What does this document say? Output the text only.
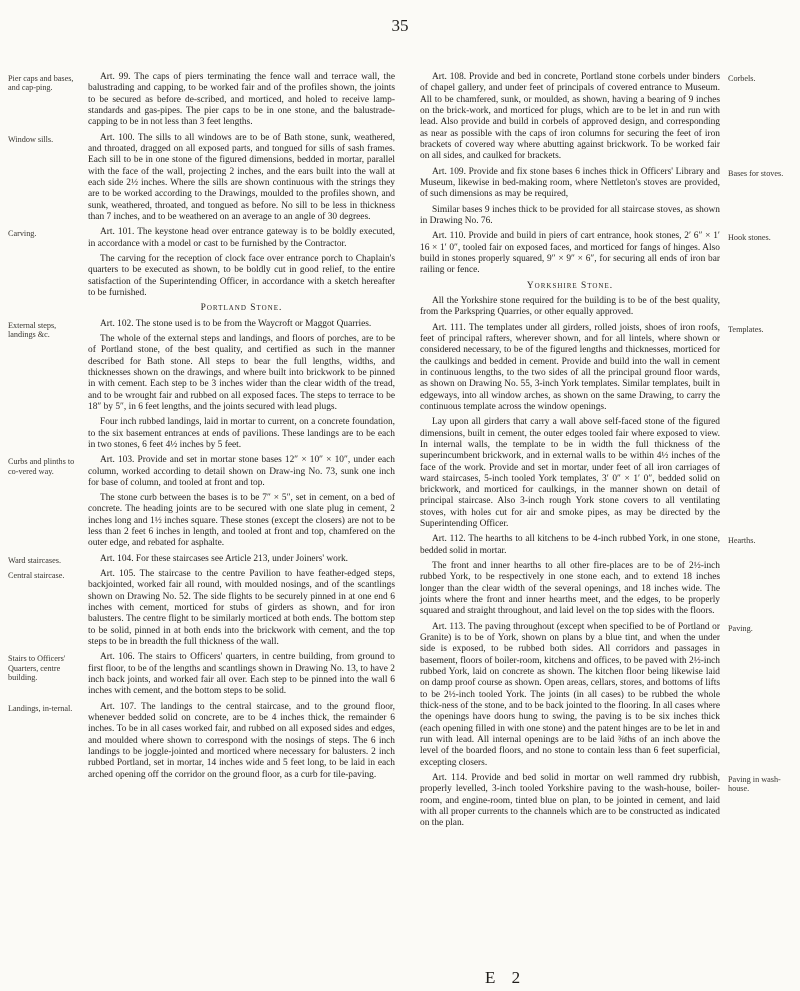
35
Pier caps and bases, and cap-ping.

Art. 99. The caps of piers terminating the fence wall and terrace wall, the balustrading and capping, to be worked fair and of the profiles shown, the joints to be secured as before de-scribed, and morticed, and holed to receive lamp-standards and gas-pipes. The pier caps to be in one stone, and the balustrade-capping to be in not less than 3 feet lengths.

Window sills.	Art. 100. The sills to all windows are to be of Bath stone, sunk, weathered, and throated, dragged on all exposed parts, and tongued for sills of sash frames. Each sill to be in one stone of the figured dimensions, bedded in mortar, parallel with the face of the wall, projecting 2 inches, and the ears built into the wall at each side 2½ inches. Where the sills are shown continuous with the strings they are to be worked according to the Drawings, moulded to the profiles shown, and sunk, weathered, throated, and tongued as before. No sill to be less in thickness than 7 inches, and to be weathered on an average to an angle of 30 degrees.

Carving.	Art. 101. The keystone head over entrance gateway is to be boldly executed, in accordance with a model or cast to be furnished by the Contractor.

The carving for the reception of clock face over entrance porch to Chaplain's quarters to be executed as shown, to be boldly cut in good relief, to the entire satisfaction of the Superintending Officer, in accordance with a sketch hereafter to be furnished.

Portland Stone.
External steps, landings &c.

Art. 102. The stone used is to be from the Waycroft or Maggot Quarries.

The whole of the external steps and landings, and floors of porches, are to be of Portland stone, of the best quality, and certified as such in the manner described for Bath stone. All steps to bear the full lengths, widths, and thicknesses shown on the drawings, and where built into brickwork to be pinned in with cement. Each step to be 3 inches wider than the clear width of the tread, and to be wrought fair and rubbed on all exposed faces. The steps to terrace to be 18″ by 5″, in 6 feet lengths, and the joints secured with lead plugs.

Four inch rubbed landings, laid in mortar to current, on a concrete foundation, to the six basement entrances at ends of pavilions. These landings are to be each in two stones, 6 feet 4½ inches by 5 feet.

Curbs and plinths to co-vered way.

Art. 103. Provide and set in mortar stone bases 12″ × 10″ × 10″, under each column, worked according to detail shown on Draw-ing No. 73, sunk one inch for base of column, and tooled at front and top.

The stone curb between the bases is to be 7″ × 5″, set in cement, on a bed of concrete. The heading joints are to be secured with one slate plug in cement, 2 inches long and 1½ inches square. These stones (except the closers) are not to be less than 2 feet 6 inches in length, and tooled at front and top, chamfered on the outer edge, and rebated for asphalte.

Ward staircases.	Art. 104. For these staircases see Article 213, under Joiners' work.

Central staircase.	Art. 105. The staircase to the centre Pavilion to have feather-edged steps, backjointed, worked fair all round, with moulded nosings, and of the scantlings shown on Drawing No. 52. The side flights to be securely pinned in at one end 6 inches with cement, morticed for stubs of girders as shown, and for iron balusters. The centre flight to be similarly morticed at both ends. The bottom step to be solid, pinned in at both ends into the brickwork with cement, and the top steps to be in breadth the full thickness of the wall.

Stairs to Officers' Quarters, centre building.

Art. 106. The stairs to Officers' quarters, in centre building, from ground to first floor, to be of the lengths and scantlings shown in Drawing No. 13, to have 2 inch back joints, and worked fair all over. Each step to be pinned into the wall 6 inches with cement, and the bottom steps to be solid.

Landings, in-ternal.	Art. 107. The landings to the central staircase, and to the ground floor, whenever bedded solid on concrete, are to be 4 inches thick, the remainder 6 inches. To be in all cases worked fair, and rubbed on all exposed sides and edges, and moulded where shown to correspond with the nosings of steps. The 6 inch landings to be joggle-jointed and morticed where necessary for balusters. 2 inch rubbed Portland, set in mortar, 14 inches wide and 5 feet long, to be laid in each arched opening off the corridor on the ground floor, as a curb for tile-paving.

Corbels.

Art. 108. Provide and bed in concrete, Portland stone corbels under binders of chapel gallery, and under feet of principals of covered entrance to Museum. All to be chamfered, sunk, or moulded, as shown, having a bearing of 9 inches on the brick-work, and morticed for plugs, which are to be let in and run with lead. Also provide and build in corbels of approved design, and corresponding as near as possible with the caps of iron columns for securing the feet of iron brackets of covered way where abutting against brickwork. To be worked fair on all sides, and caulked for brackets.

Bases for stoves.

Art. 109. Provide and fix stone bases 6 inches thick in Officers' Library and Museum, likewise in bed-making room, where Nettleton's stoves are provided, of such dimensions as may be required,

Similar bases 9 inches thick to be provided for all staircase stoves, as shown in Drawing No. 76.

Hook stones.

Art. 110. Provide and build in piers of cart entrance, hook stones, 2′ 6″ × 1′ 16 × 1′ 0″, tooled fair on exposed faces, and morticed for fangs of hinges. Also build in stones properly squared, 9″ × 9″ × 6″, for securing all ends of iron bar railing or fence.

Yorkshire Stone.

All the Yorkshire stone required for the building is to be of the best quality, from the Parkspring Quarries, or other equally approved.

Templates.

Art. 111. The templates under all girders, rolled joists, shoes of iron roofs, feet of principal rafters, wherever shown, and for all lintels, where shown or considered necessary, to be of the figured lengths and thicknesses, morticed for the caulkings and bedded in cement. Provide and build into the wall in cement in continuous lengths, to the two sides of all the principal ground floor wards, as shown on Drawing No. 55, 3-inch York templates. Similar templates, built in edgeways, into all window arches, as shown on the same Drawing, to carry the continuous template across the window openings.

Lay upon all girders that carry a wall above self-faced stone of the figured dimensions, built in cement, the outer edges tooled fair where exposed to view. In internal walls, the template to be in width the full thickness of the superincumbent brickwork, and in external walls to be within 4½ inches of the face of the work. Provide and set in mortar, under feet of all iron carriages of ward staircases, 5-inch tooled York templates, 3′ 0″ × 1′ 0″, bedded solid on brickwork, and morticed for caulkings, in the manner shown on detail of principal staircase. Also 3-inch rough York stone covers to all ventilating stoves, with holes cut for air and smoke pipes, as may be directed by the Superintending Officer.

Hearths.

Art. 112. The hearths to all kitchens to be 4-inch rubbed York, in one stone, bedded solid in mortar.

The front and inner hearths to all other fire-places are to be of 2½-inch rubbed York, to be respectively in one stone each, and to extend 18 inches longer than the clear width of the several openings, and 18 inches wide. The joints where the front and inner hearths meet, and the edges, to be properly squared and straight throughout, and laid level on the top sides with the floors.

Paving.

Art. 113. The paving throughout (except when specified to be of Portland or Granite) is to be of York, shown on plans by a blue tint, and when the under side is exposed, to be rubbed both sides. All corridors and passages in basement, floors of boiler-room, kitchens and offices, to be paved with 2½-inch rubbed York, laid on concrete as shown. The kitchen floor being likewise laid on damp proof course as shown. Open areas, cellars, stores, and bottoms of lifts to be 2½-inch tooled York. The joints (in all cases) to be rubbed the whole thick-ness of the stone, and to be back jointed to the flooring. In all cases where the openings have doors hung to swing, the paving is to be six inches thick (each opening filled in with one stone) and the patent hinges are to be let in and run with lead. All internal openings are to be laid ⅜ths of an inch above the level of the boarded floors, and no stone to contain less than 6 feet superficial, excepting closers.

Paving in wash-house.

Art. 114. Provide and bed solid in mortar on well rammed dry rubbish, properly levelled, 3-inch tooled Yorkshire paving to the wash-house, boiler-room, and engine-room, tinted blue on plan, to be jointed in cement, and laid with all proper currents to the channels which are to be constructed as indicated on the plan.

E 2
